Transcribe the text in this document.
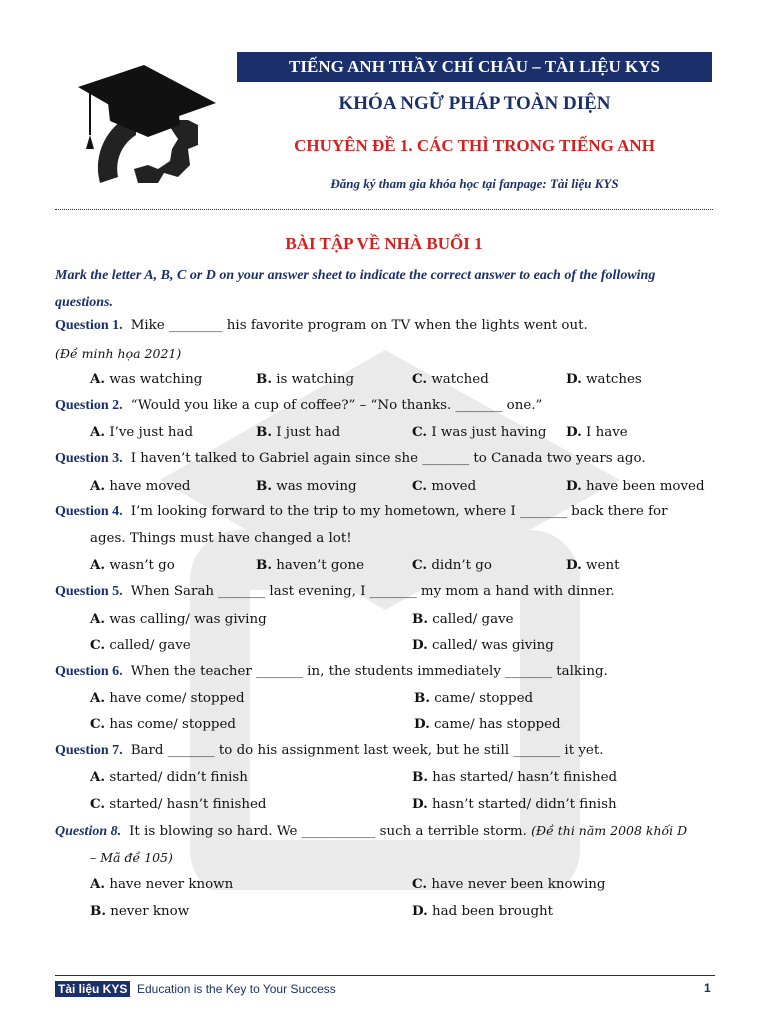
TIẾNG ANH THẦY CHÍ CHÂU – TÀI LIỆU KYS
KHÓA NGỮ PHÁP TOÀN DIỆN
CHUYÊN ĐỀ 1. CÁC THÌ TRONG TIẾNG ANH
Đăng ký tham gia khóa học tại fanpage: Tài liệu KYS
BÀI TẬP VỀ NHÀ BUỔI 1
Mark the letter A, B, C or D on your answer sheet to indicate the correct answer to each of the following questions.
Question 1. Mike ________ his favorite program on TV when the lights went out.
(Đề minh họa 2021)
A. was watching	B. is watching	C. watched	D. watches
Question 2. “Would you like a cup of coffee?” – “No thanks. _______ one.”
A. I’ve just had	B. I just had	C. I was just having D. I have
Question 3. I haven’t talked to Gabriel again since she _______ to Canada two years ago.
A. have moved	B. was moving	C. moved	D. have been moved
Question 4. I’m looking forward to the trip to my hometown, where I _______ back there for
ages. Things must have changed a lot!
A. wasn’t go	B. haven’t gone	C. didn’t go	D. went
Question 5. When Sarah _______ last evening, I _______ my mom a hand with dinner.
A. was calling/ was giving	B. called/ gave
C. called/ gave	D. called/ was giving
Question 6. When the teacher _______ in, the students immediately _______ talking.
A. have come/ stopped	B. came/ stopped
C. has come/ stopped	D. came/ has stopped
Question 7. Bard _______ to do his assignment last week, but he still _______ it yet.
A. started/ didn’t finish	B. has started/ hasn’t finished
C. started/ hasn’t finished	D. hasn’t started/ didn’t finish
Question 8. It is blowing so hard. We ___________ such a terrible storm. (Đề thi năm 2008 khối D
– Mã đề 105)
A. have never known	C. have never been knowing
B. never know	D. had been brought
Tài liệu KYS Education is the Key to Your Success	1
